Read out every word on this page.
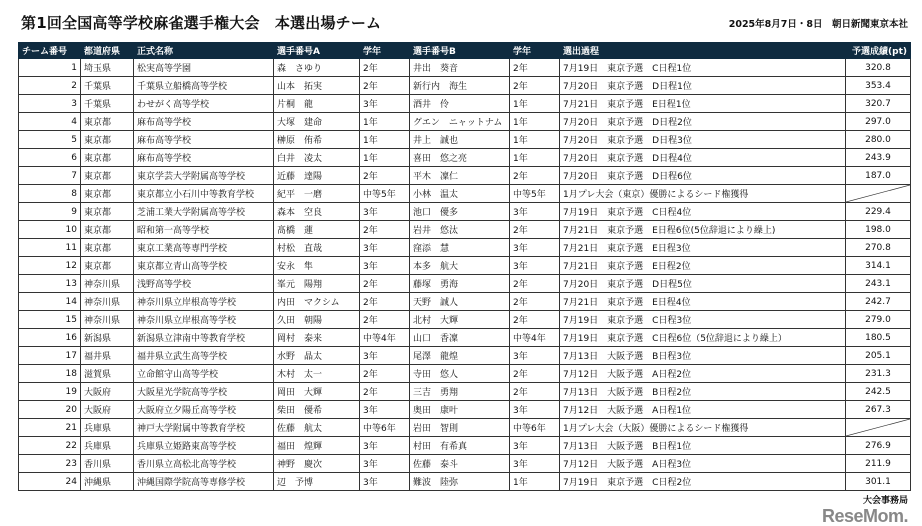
第1回全国高等学校麻雀選手権大会　本選出場チーム	2025年8月7日・8日　朝日新聞東京本社
チーム番号	都道府県	正式名称	選手番号A	学年	選手番号B	学年	選出過程	予選成績(pt)
1	埼玉県	松実高等学園	森　さゆり	2年	井出　葵音	2年	7月19日　東京予選　C日程1位	320.8
2	千葉県	千葉県立船橋高等学校	山本　拓実	2年	新行内　海生	2年	7月20日　東京予選　D日程1位	353.4
3	千葉県	わせがく高等学校	片桐　龍	3年	酒井　伶	1年	7月21日　東京予選　E日程1位	320.7
4	東京都	麻布高等学校	大塚　建命	1年	グエン　ニャットナム	1年	7月20日　東京予選　D日程2位	297.0
5	東京都	麻布高等学校	榊原　侑希	1年	井上　誠也	1年	7月20日　東京予選　D日程3位	280.0
6	東京都	麻布高等学校	白井　凌太	1年	喜田　悠之亮	1年	7月20日　東京予選　D日程4位	243.9
7	東京都	東京学芸大学附属高等学校	近藤　達陽	2年	平木　凜仁	2年	7月20日　東京予選　D日程6位	187.0
8	東京都	東京都立小石川中等教育学校	紀平　一磨	中等5年	小林　温太	中等5年	1月プレ大会（東京）優勝によるシード権獲得	

9	東京都	芝浦工業大学附属高等学校	森本　空良	3年	池口　優多	3年	7月19日　東京予選　C日程4位	229.4
10	東京都	昭和第一高等学校	髙橋　蓮	2年	岩井　悠汰	2年	7月21日　東京予選　E日程6位(5位辞退により繰上)	198.0
11	東京都	東京工業高等専門学校	村松　直哉	3年	窪添　慧	3年	7月21日　東京予選　E日程3位	270.8
12	東京都	東京都立青山高等学校	安永　隼	3年	本多　航大	3年	7月21日　東京予選　E日程2位	314.1
13	神奈川県	浅野高等学校	峯元　陽翔	2年	藤塚　勇海	2年	7月20日　東京予選　D日程5位	243.1
14	神奈川県	神奈川県立岸根高等学校	内田　マクシム	2年	天野　誠人	2年	7月21日　東京予選　E日程4位	242.7
15	神奈川県	神奈川県立岸根高等学校	久田　朝陽	2年	北村　大輝	2年	7月19日　東京予選　C日程3位	279.0
16	新潟県	新潟県立津南中等教育学校	岡村　泰来	中等4年	山口　香凜	中等4年	7月19日　東京予選　C日程6位（5位辞退により繰上）	180.5
17	福井県	福井県立武生高等学校	水野　晶太	3年	尾澤　龍煌	3年	7月13日　大阪予選　B日程3位	205.1
18	滋賀県	立命館守山高等学校	木村　太一	2年	寺田　悠人	2年	7月12日　大阪予選　A日程2位	231.3
19	大阪府	大阪星光学院高等学校	岡田　大輝	2年	三吉　勇翔	2年	7月13日　大阪予選　B日程2位	242.5
20	大阪府	大阪府立夕陽丘高等学校	柴田　優希	3年	奥田　康叶	3年	7月12日　大阪予選　A日程1位	267.3
21	兵庫県	神戸大学附属中等教育学校	佐藤　航太	中等6年	岩田　智則	中等6年	1月プレ大会（大阪）優勝によるシード権獲得	

22	兵庫県	兵庫県立姫路東高等学校	福田　煌輝	3年	村田　有希真	3年	7月13日　大阪予選　B日程1位	276.9
23	香川県	香川県立高松北高等学校	神野　慶次	3年	佐藤　泰斗	3年	7月12日　大阪予選　A日程3位	211.9
24	沖縄県	沖縄国際学院高等専修学校	辺　予博	3年	難波　陸弥	1年	7月19日　東京予選　C日程2位	301.1
大会事務局
ReseMom.
